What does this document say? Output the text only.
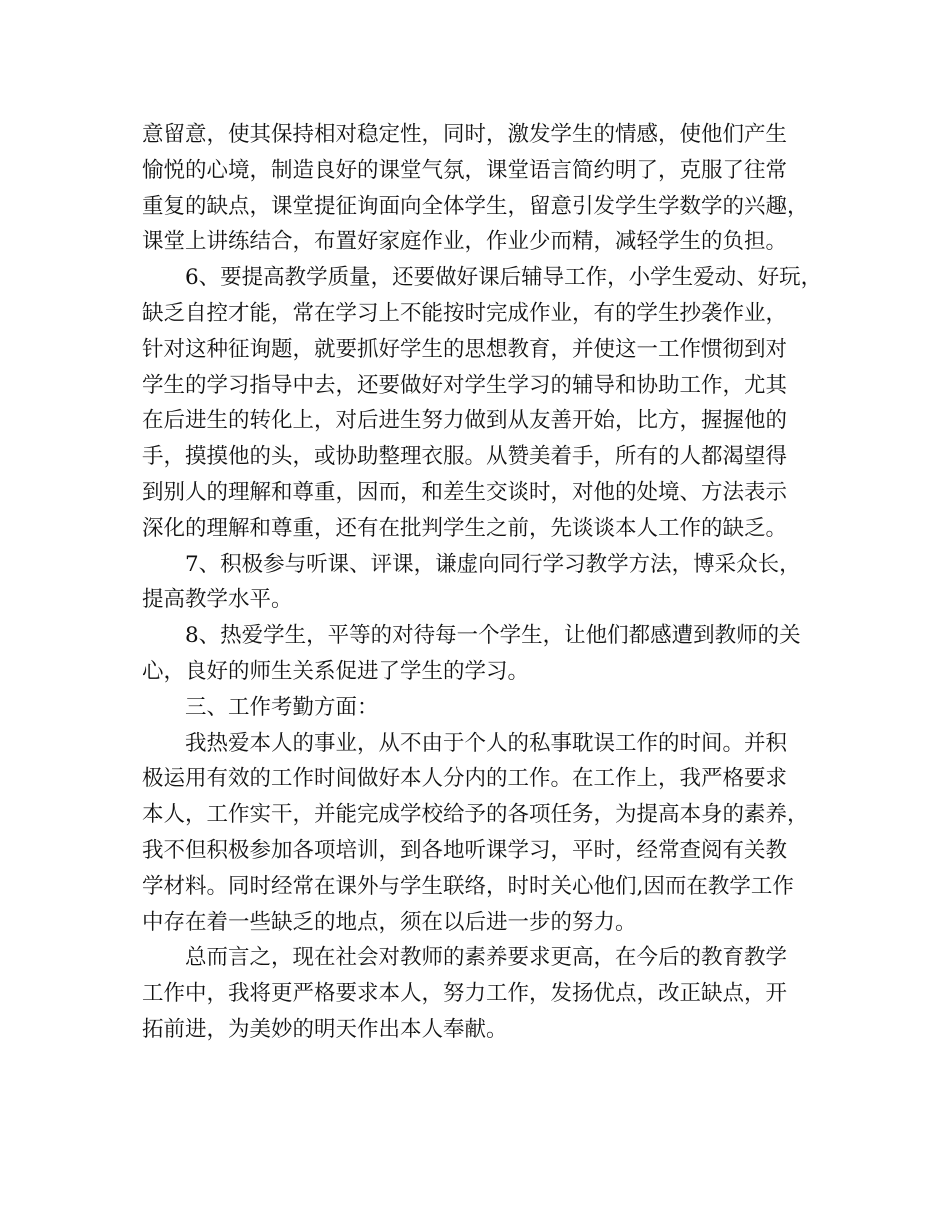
意留意，使其保持相对稳定性，同时，激发学生的情感，使他们产生
愉悦的心境，制造良好的课堂气氛，课堂语言简约明了，克服了往常
重复的缺点，课堂提征询面向全体学生，留意引发学生学数学的兴趣，
课堂上讲练结合，布置好家庭作业，作业少而精，减轻学生的负担。
6、要提高教学质量，还要做好课后辅导工作，小学生爱动、好玩，
缺乏自控才能，常在学习上不能按时完成作业，有的学生抄袭作业，
针对这种征询题，就要抓好学生的思想教育，并使这一工作惯彻到对
学生的学习指导中去，还要做好对学生学习的辅导和协助工作，尤其
在后进生的转化上，对后进生努力做到从友善开始，比方，握握他的
手，摸摸他的头，或协助整理衣服。从赞美着手，所有的人都渴望得
到别人的理解和尊重，因而，和差生交谈时，对他的处境、方法表示
深化的理解和尊重，还有在批判学生之前，先谈谈本人工作的缺乏。
7、积极参与听课、评课，谦虚向同行学习教学方法，博采众长，
提高教学水平。
8、热爱学生，平等的对待每一个学生，让他们都感遭到教师的关
心，良好的师生关系促进了学生的学习。
三、工作考勤方面：
我热爱本人的事业，从不由于个人的私事耽误工作的时间。并积
极运用有效的工作时间做好本人分内的工作。在工作上，我严格要求
本人，工作实干，并能完成学校给予的各项任务，为提高本身的素养，
我不但积极参加各项培训，到各地听课学习，平时，经常查阅有关教
学材料。同时经常在课外与学生联络，时时关心他们,因而在教学工作
中存在着一些缺乏的地点，须在以后进一步的努力。
总而言之，现在社会对教师的素养要求更高，在今后的教育教学
工作中，我将更严格要求本人，努力工作，发扬优点，改正缺点，开
拓前进，为美妙的明天作出本人奉献。
